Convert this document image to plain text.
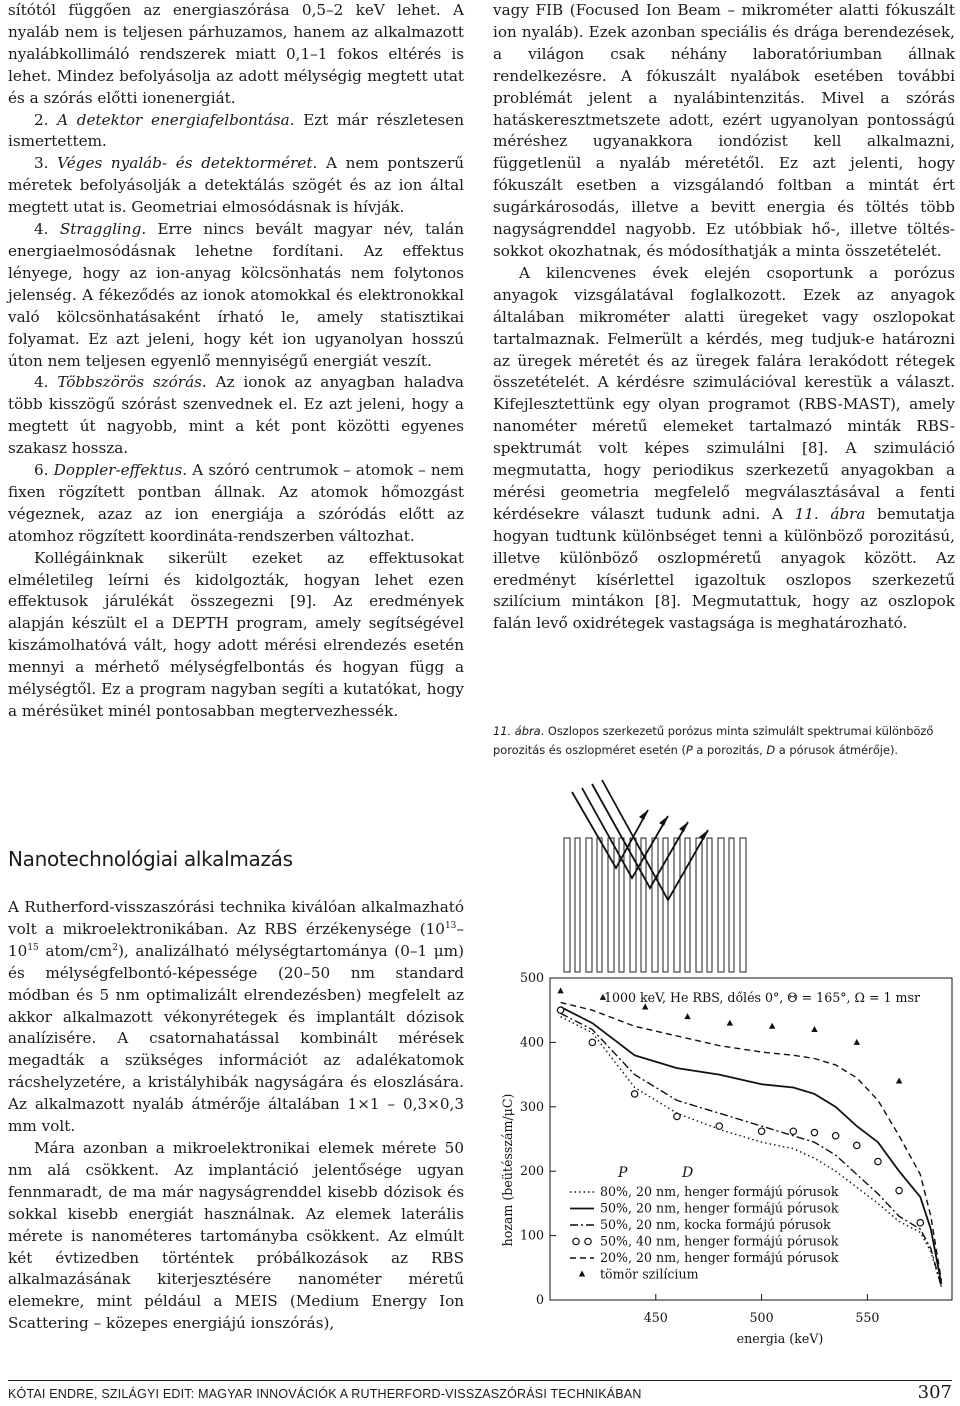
sítótól függően az energiaszórása 0,5–2 keV lehet. A nyaláb nem is teljesen párhuzamos, hanem az alkalmazott nyalábkollimáló rendszerek miatt 0,1–1 fokos eltérés is lehet. Mindez befolyásolja az adott mélységig megtett utat és a szórás előtti ionenergiát.

2. A detektor energiafelbontása. Ezt már részletesen ismertettem.

3. Véges nyaláb- és detektorméret. A nem pontszerű méretek befolyásolják a detektálás szögét és az ion által megtett utat is. Geometriai elmosódásnak is hívják.

4. Straggling. Erre nincs bevált magyar név, talán energiaelmosódásnak lehetne fordítani. Az effektus lényege, hogy az ion-anyag kölcsönhatás nem folytonos jelenség. A fékeződés az ionok atomokkal és elektronokkal való kölcsönhatásaként írható le, amely statisztikai folyamat. Ez azt jeleni, hogy két ion ugyanolyan hosszú úton nem teljesen egyenlő mennyiségű energiát veszít.

4. Többszörös szórás. Az ionok az anyagban haladva több kisszögű szórást szenvednek el. Ez azt jeleni, hogy a megtett út nagyobb, mint a két pont közötti egyenes szakasz hossza.

6. Doppler-effektus. A szóró centrumok – atomok – nem fixen rögzített pontban állnak. Az atomok hőmozgást végeznek, azaz az ion energiája a szóródás előtt az atomhoz rögzített koordináta-rendszerben változhat.

Kollégáinknak sikerült ezeket az effektusokat elméletileg leírni és kidolgozták, hogyan lehet ezen effektusok járulékát összegezni [9]. Az eredmények alapján készült el a DEPTH program, amely segítségével kiszámolhatóvá vált, hogy adott mérési elrendezés esetén mennyi a mérhető mélységfelbontás és hogyan függ a mélységtől. Ez a program nagyban segíti a kutatókat, hogy a mérésüket minél pontosabban megtervezhessék.

Nanotechnológiai alkalmazás

A Rutherford-visszaszórási technika kiválóan alkalmazható volt a mikroelektronikában. Az RBS érzékenysége ($10^{13}-10^{15}$ atom/$cm^2$), analizálható mélységtartománya (0–1 μm) és mélységfelbontó-képessége (20–50 nm standard módban és 5 nm optimalizált elrendezésben) megfelelt az akkor alkalmazott vékonyrétegek és implantált dózisok analízisére. A csatornahatással kombinált mérések megadták a szükséges információt az adalékatomok rácshelyzetére, a kristályhibák nagyságára és eloszlására. Az alkalmazott nyaláb átmérője általában 1×1 – 0,3×0,3 mm volt.

Mára azonban a mikroelektronikai elemek mérete 50 nm alá csökkent. Az implantáció jelentősége ugyan fennmaradt, de ma már nagyságrenddel kisebb dózisok és sokkal kisebb energiát használnak. Az elemek laterális mérete is nanométeres tartományba csökkent. Az elmúlt két évtizedben történtek próbálkozások az RBS alkalmazásának kiterjesztésére nanométer méretű elemekre, mint például a MEIS (Medium Energy Ion Scattering – közepes energiájú ionszórás),

vagy FIB (Focused Ion Beam – mikrométer alatti fókuszált ion nyaláb). Ezek azonban speciális és drága berendezések, a világon csak néhány laboratóriumban állnak rendelkezésre. A fókuszált nyalábok esetében további problémát jelent a nyalábintenzitás. Mivel a szórás hatáskeresztmetszete adott, ezért ugyanolyan pontosságú méréshez ugyanakkora iondózist kell alkalmazni, függetlenül a nyaláb méretétől. Ez azt jelenti, hogy fókuszált esetben a vizsgálandó foltban a mintát ért sugárkárosodás, illetve a bevitt energia és töltés több nagyságrenddel nagyobb. Ez utóbbiak hő-, illetve töltés-sokkot okozhatnak, és módosíthatják a minta összetételét.

A kilencvenes évek elején csoportunk a porózus anyagok vizsgálatával foglalkozott. Ezek az anyagok általában mikrométer alatti üregeket vagy oszlopokat tartalmaznak. Felmerült a kérdés, meg tudjuk-e határozni az üregek méretét és az üregek falára lerakódott rétegek összetételét. A kérdésre szimulációval kerestük a választ. Kifejlesztettünk egy olyan programot (RBS-MAST), amely nanométer méretű elemeket tartalmazó minták RBS-spektrumát volt képes szimulálni [8]. A szimuláció megmutatta, hogy periodikus szerkezetű anyagokban a mérési geometria megfelelő megválasztásával a fenti kérdésekre választ tudunk adni. A 11. ábra bemutatja hogyan tudtunk különbséget tenni a különböző porozitású, illetve különböző oszlopméretű anyagok között. Az eredményt kísérlettel igazoltuk oszlopos szerkezetű szilícium mintákon [8]. Megmutattuk, hogy az oszlopok falán levő oxidrétegek vastagsága is meghatározható.

11. ábra. Oszlopos szerkezetű porózus minta szimulált spektrumai különböző porozitás és oszlopméret esetén (P a porozitás, D a pórusok átmérője).

0
100
200
300
400
500
450	500	550
1000 keV, He RBS, dőlés 0°, Θ = 165°, Ω = 1 msr
hozam (beütésszám/μC)
energia (keV)
P	D
80%, 20 nm, henger formájú pórusok
50%, 20 nm, henger formájú pórusok
50%, 20 nm, kocka formájú pórusok
50%, 40 nm, henger formájú pórusok
20%, 20 nm, henger formájú pórusok
tömör szilícium
KÓTAI ENDRE, SZILÁGYI EDIT: MAGYAR INNOVÁCIÓK A RUTHERFORD-VISSZASZÓRÁSI TECHNIKÁBAN	307
